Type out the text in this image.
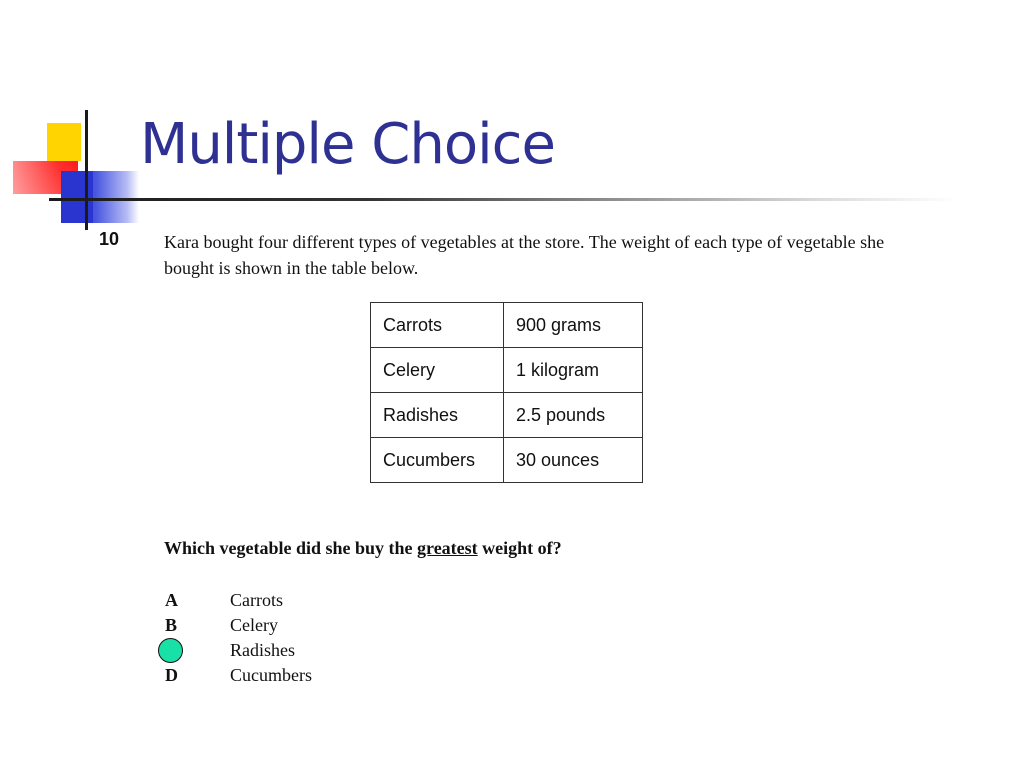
Multiple Choice
10 Kara bought four different types of vegetables at the store. The weight of each type of vegetable she bought is shown in the table below.
Carrots	900 grams
Celery	1 kilogram
Radishes	2.5 pounds
Cucumbers	30 ounces
Which vegetable did she buy the greatest weight of?
A	Carrots
B	Celery
Radishes
D	Cucumbers
